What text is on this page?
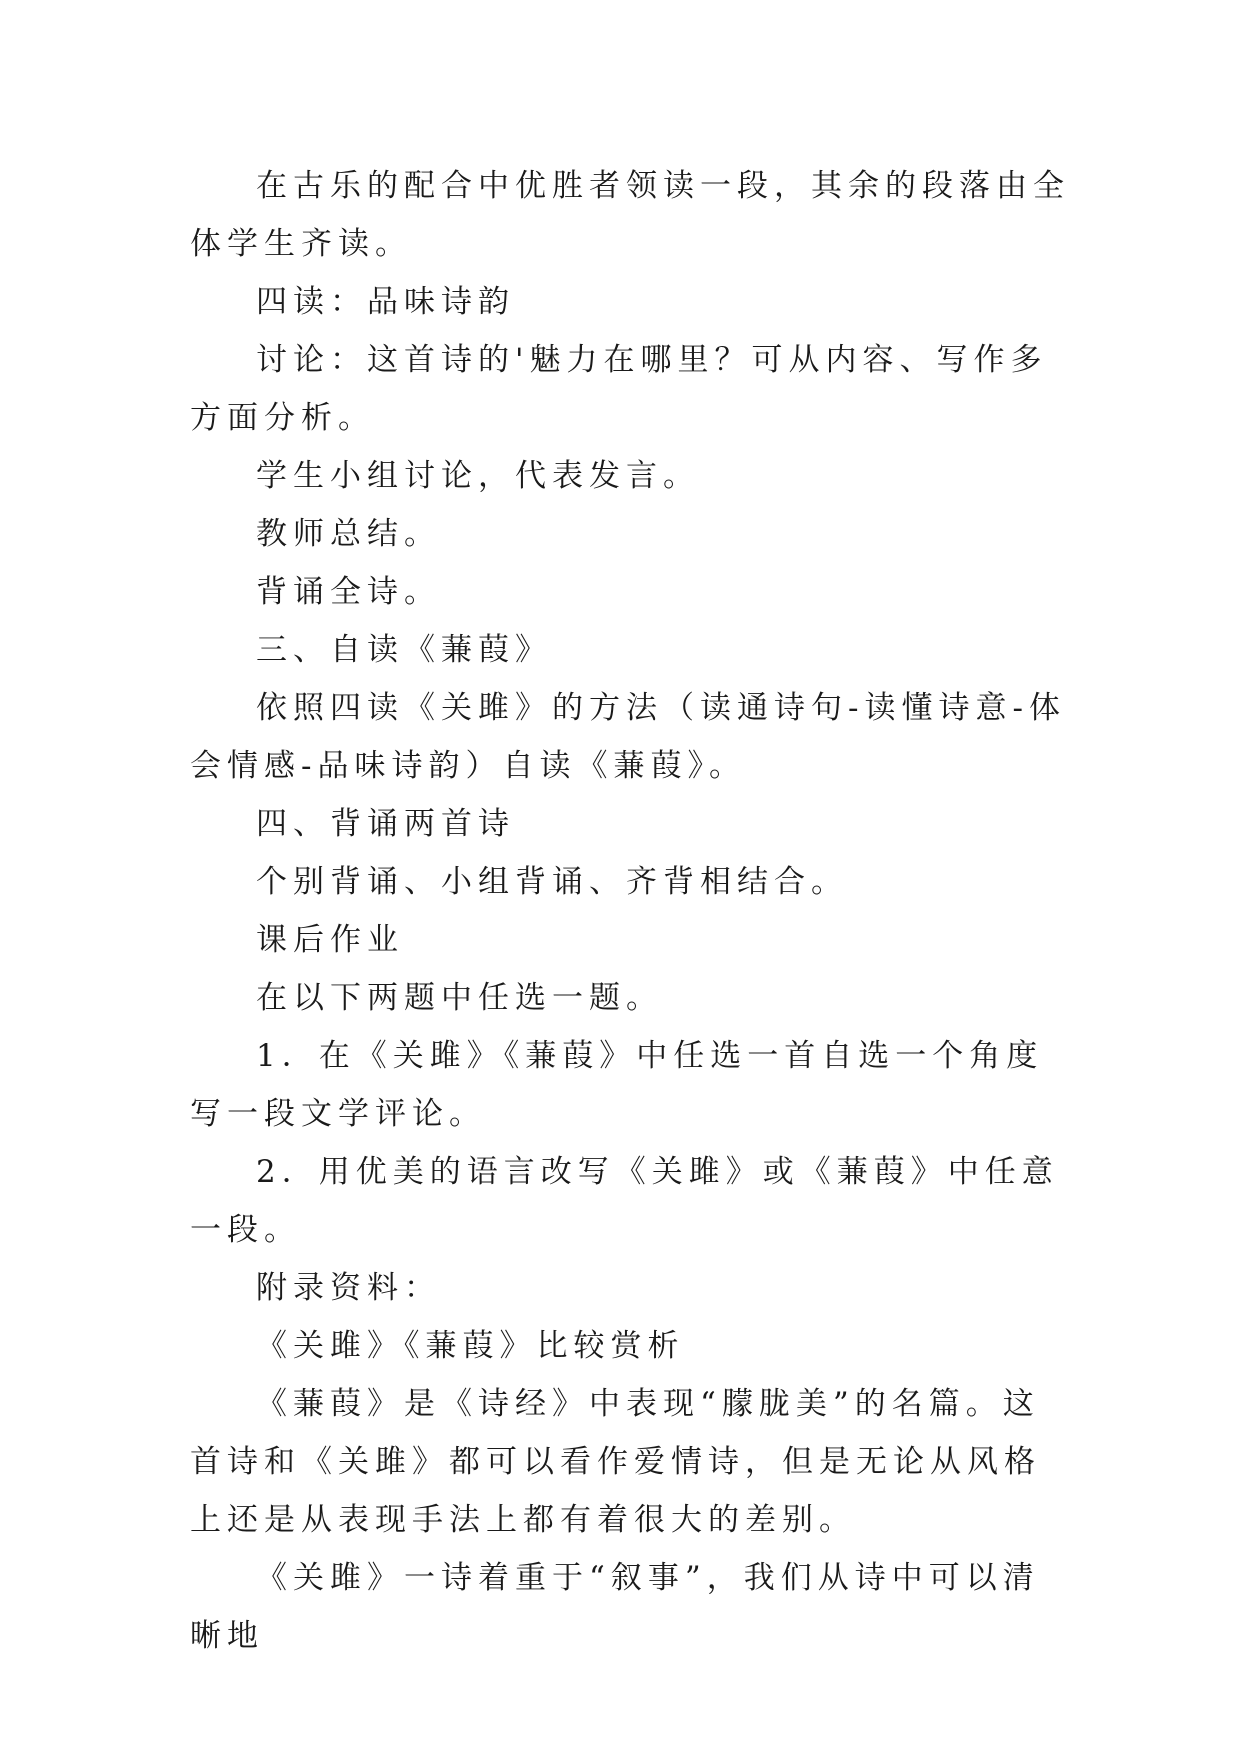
在古乐的配合中优胜者领读一段，其余的段落由全体学生齐读。

四读：品味诗韵

讨论：这首诗的'魅力在哪里？可从内容、写作多方面分析。

学生小组讨论，代表发言。

教师总结。

背诵全诗。

三、自读《蒹葭》

依照四读《关雎》的方法（读通诗句-读懂诗意-体会情感-品味诗韵）自读《蒹葭》。

四、背诵两首诗

个别背诵、小组背诵、齐背相结合。

课后作业

在以下两题中任选一题。

1．在《关雎》《蒹葭》中任选一首自选一个角度写一段文学评论。

2．用优美的语言改写《关雎》或《蒹葭》中任意一段。

附录资料：

《关雎》《蒹葭》比较赏析

《蒹葭》是《诗经》中表现“朦胧美”的名篇。这首诗和《关雎》都可以看作爱情诗，但是无论从风格上还是从表现手法上都有着很大的差别。

《关雎》一诗着重于“叙事”，我们从诗中可以清晰地
